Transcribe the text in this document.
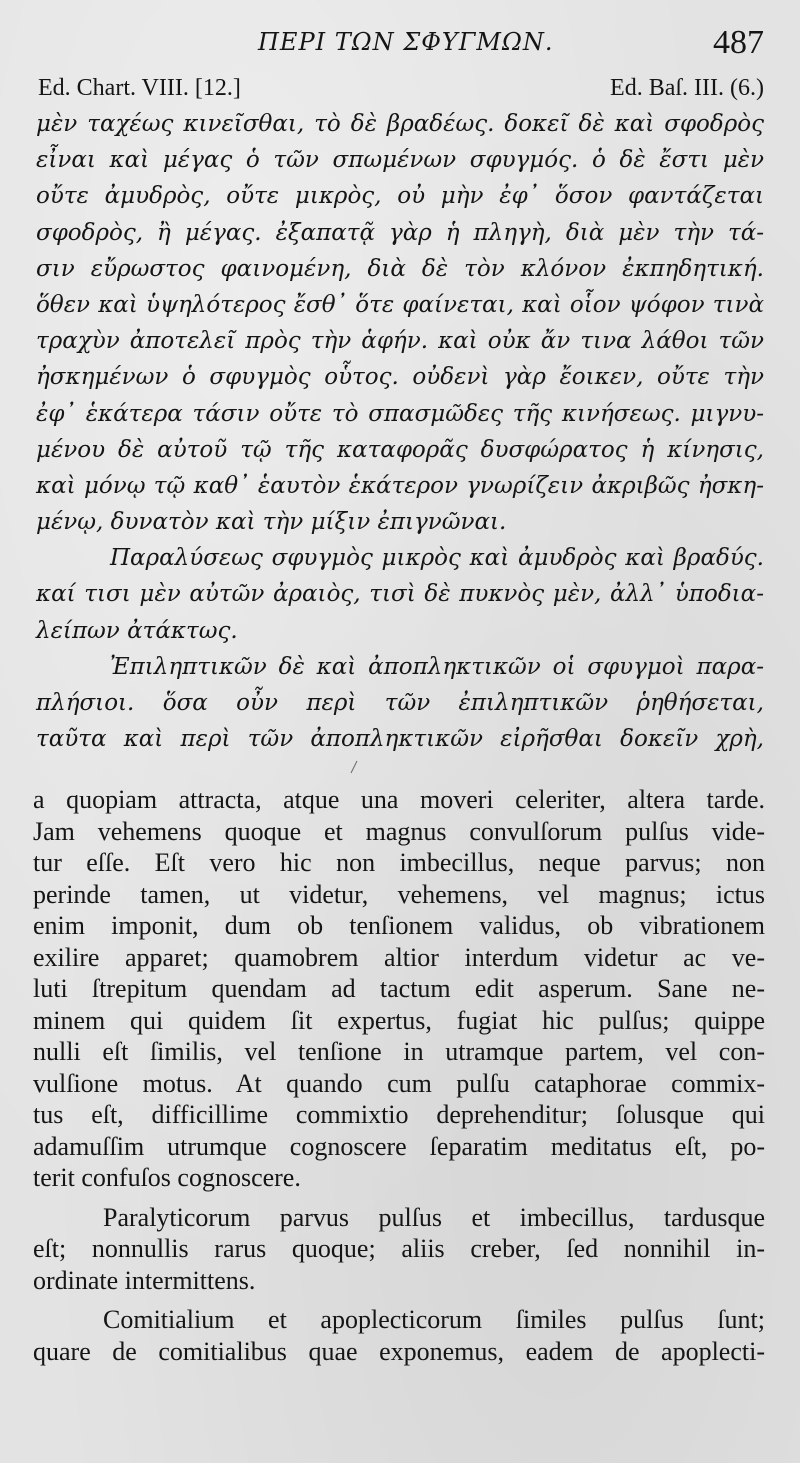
ΠΕΡΙ ΤΩΝ ΣΦΥΓΜΩΝ.	487
Ed. Chart. VIII. [12.]	Ed. Baſ. III. (6.)

μὲν ταχέως κινεῖσθαι, τὸ δὲ βραδέως. δοκεῖ δὲ καὶ σφοδρὸς
εἶναι καὶ μέγας ὁ τῶν σπωμένων σφυγμός. ὁ δὲ ἔστι μὲν
οὔτε ἀμυδρὸς, οὔτε μικρὸς, οὐ μὴν ἐφ᾽ ὅσον φαντάζεται
σφοδρὸς, ἢ μέγας. ἐξαπατᾷ γὰρ ἡ πληγὴ, διὰ μὲν τὴν τά-
σιν εὔρωστος φαινομένη, διὰ δὲ τὸν κλόνον ἐκπηδητική.
ὅθεν καὶ ὑψηλότερος ἔσθ᾽ ὅτε φαίνεται, καὶ οἷον ψόφον τινὰ
τραχὺν ἀποτελεῖ πρὸς τὴν ἁφήν. καὶ οὐκ ἄν τινα λάθοι τῶν
ἠσκημένων ὁ σφυγμὸς οὗτος. οὐδενὶ γὰρ ἔοικεν, οὔτε τὴν
ἐφ᾽ ἑκάτερα τάσιν οὔτε τὸ σπασμῶδες τῆς κινήσεως. μιγνυ-
μένου δὲ αὐτοῦ τῷ τῆς καταφορᾶς δυσφώρατος ἡ κίνησις,
καὶ μόνῳ τῷ καθ᾽ ἑαυτὸν ἑκάτερον γνωρίζειν ἀκριβῶς ἠσκη-
μένῳ, δυνατὸν καὶ τὴν μίξιν ἐπιγνῶναι.

Παραλύσεως σφυγμὸς μικρὸς καὶ ἀμυδρὸς καὶ βραδύς.
καί τισι μὲν αὐτῶν ἀραιὸς, τισὶ δὲ πυκνὸς μὲν, ἀλλ᾽ ὑποδια-
λείπων ἀτάκτως.

Ἐπιληπτικῶν δὲ καὶ ἀποπληκτικῶν οἱ σφυγμοὶ παρα-
πλήσιοι. ὅσα οὖν περὶ τῶν ἐπιληπτικῶν ῥηθήσεται,
ταῦτα καὶ περὶ τῶν ἀποπληκτικῶν εἰρῆσθαι δοκεῖν χρὴ,

a quopiam attracta, atque una moveri celeriter, altera tarde.
Jam vehemens quoque et magnus convulſorum pulſus vide-
tur eſſe. Eſt vero hic non imbecillus, neque parvus; non
perinde tamen, ut videtur, vehemens, vel magnus; ictus
enim imponit, dum ob tenſionem validus, ob vibrationem
exilire apparet; quamobrem altior interdum videtur ac ve-
luti ſtrepitum quendam ad tactum edit asperum. Sane ne-
minem qui quidem ſit expertus, fugiat hic pulſus; quippe
nulli eſt ſimilis, vel tenſione in utramque partem, vel con-
vulſione motus. At quando cum pulſu cataphorae commix-
tus eſt, difficillime commixtio deprehenditur; ſolusque qui
adamuſſim utrumque cognoscere ſeparatim meditatus eſt, po-
terit confuſos cognoscere.
Paralyticorum parvus pulſus et imbecillus, tardusque
eſt; nonnullis rarus quoque; aliis creber, ſed nonnihil in-
ordinate intermittens.
Comitialium et apoplecticorum ſimiles pulſus ſunt;
quare de comitialibus quae exponemus, eadem de apoplecti-
